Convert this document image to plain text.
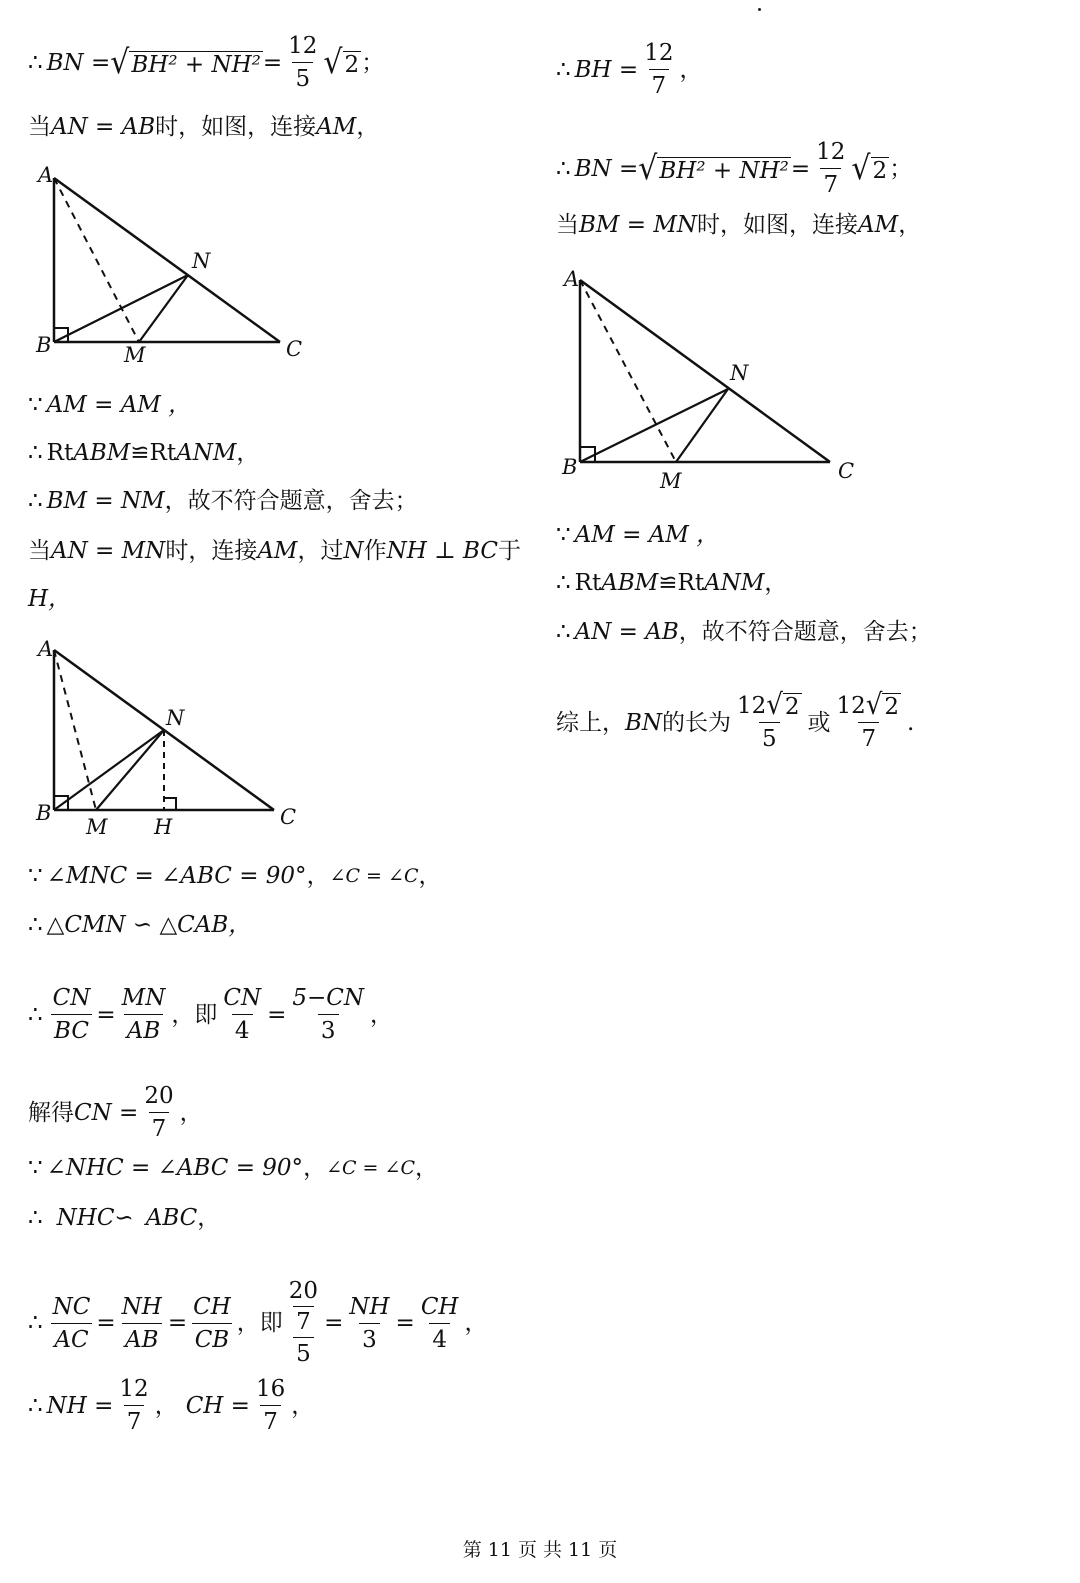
∴ BN = √ $BH^2 + NH^2 = \frac{12}{5}$ √ 2 ；
当 AN = AB 时，如图，连接 AM ，
A
B	C
M
N
∵ AM = AM ，
∴ Rt ABM ≌Rt ANM ，
∴ BM = NM ，故不符合题意，舍去；
当 AN = MN 时，连接 AM ，过 N 作 NH ⊥ BC 于
H，
A
B	C
M H
N
∵ ∠MNC = ∠ABC = 90° ， ∠C = ∠C ，
∴ △CMN ∽ △CAB，
∴ $\frac{CN}{BC} = \frac{MN}{AB}$ ，即 $\frac{CN}{4} = \frac{5-CN}{3}$ ，
解得 CN = $\frac{20}{7}$ ，
∵ ∠NHC = ∠ABC = 90° ， ∠C = ∠C ，
∴ NHC∽ ABC ，
∴ $\frac{NC}{AC} = \frac{NH}{AB} = \frac{CH}{CB}$ ，即 $\frac{\frac{20}{7}}{5} = \frac{NH}{3} = \frac{CH}{4}$ ，
∴ NH = $\frac{12}{7}$ ， CH = $\frac{16}{7}$ ，
∴ BH = $\frac{12}{7}$ ，
∴ BN = √ $BH^2 + NH^2 = \frac{12}{7}$ √ 2 ；
当 BM = MN 时，如图，连接 AM ，
A
B	C
M
N
∵ AM = AM ，
∴ Rt ABM ≌Rt ANM ，
∴ AN = AB ，故不符合题意，舍去；
综上， BN 的长为 $\frac{12 √ 2}{5}$ 或 $\frac{12 √ 2}{7}$ .
第 11 页 共 11 页
